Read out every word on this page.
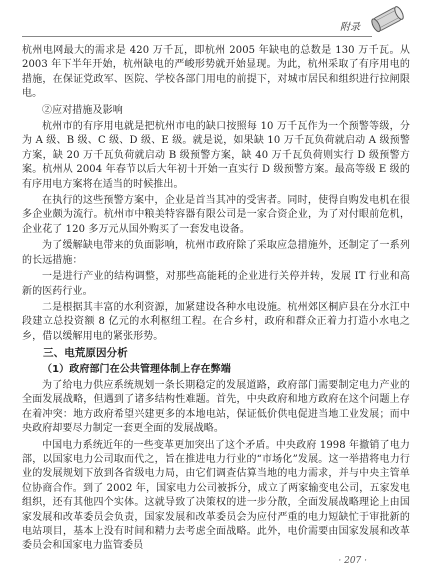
附录

杭州电网最大的需求是 420 万千瓦，即杭州 2005 年缺电的总数是 130 万千瓦。从 2003 年下半年开始，杭州缺电的严峻形势就开始显现。为此，杭州采取了有序用电的措施，在保证党政军、医院、学校各部门用电的前提下，对城市居民和组织进行拉闸限电。

②应对措施及影响

杭州市的有序用电就是把杭州市电的缺口按照每 10 万千瓦作为一个预警等级，分为 A 级、B 级、C 级、D 级、E 级。就是说，如果缺 10 万千瓦负荷就启动 A 级预警方案，缺 20 万千瓦负荷就启动 B 级预警方案，缺 40 万千瓦负荷则实行 D 级预警方案。杭州从 2004 年春节以后大年初十开始一直实行 D 级预警方案。最高等级 E 级的有序用电方案将在适当的时候推出。

在执行的这些预警方案中，企业是首当其冲的受害者。同时，使得自购发电机在很多企业颇为流行。杭州市中粮美特容器有限公司是一家合资企业，为了对付眼前危机，企业花了 120 多万元从国外购买了一套发电设备。

为了缓解缺电带来的负面影响，杭州市政府除了采取应急措施外，还制定了一系列的长远措施：

一是进行产业的结构调整，对那些高能耗的企业进行关停并转，发展 IT 行业和高新的医药行业。

二是根据其丰富的水利资源，加紧建设各种水电设施。杭州郊区桐庐县在分水江中段建立总投资额 8 亿元的水利枢纽工程。在合乡村，政府和群众正着力打造小水电之乡，借以缓解用电的紧张形势。

三、电荒原因分析
（1）政府部门在公共管理体制上存在弊端

为了给电力供应系统规划一条长期稳定的发展道路，政府部门需要制定电力产业的全面发展战略，但遇到了诸多结构性难题。首先，中央政府和地方政府在这个问题上存在着冲突：地方政府希望兴建更多的本地电站，保证低价供电促进当地工业发展；而中央政府却要尽力制定一套更全面的发展战略。

中国电力系统近年的一些变革更加突出了这个矛盾。中央政府 1998 年撤销了电力部，以国家电力公司取而代之，旨在推进电力行业的“市场化”发展。这一举措将电力行业的发展规划下放到各省级电力局，由它们调查估算当地的电力需求，并与中央主管单位协商合作。到了 2002 年，国家电力公司被拆分，成立了两家输变电公司，五家发电组织，还有其他四个实体。这就导致了决策权的进一步分散，全面发展战略理论上由国家发展和改革委员会负责，国家发展和改革委员会为应付严重的电力短缺忙于审批新的电站项目，基本上没有时间和精力去考虑全面战略。此外，电价需要由国家发展和改革委员会和国家电力监管委员

· 207 ·
